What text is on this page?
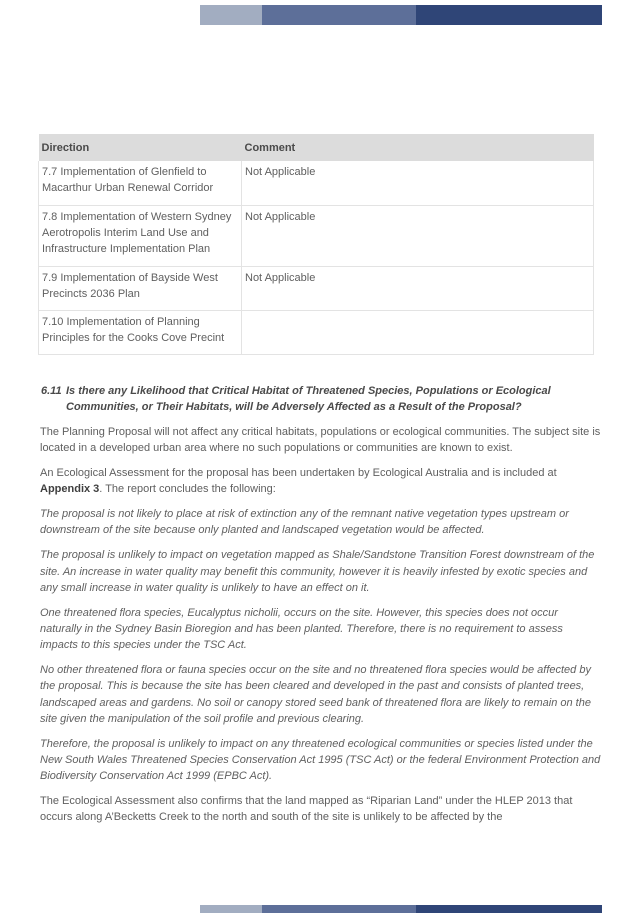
Direction	Comment
7.7 Implementation of Glenfield to Macarthur Urban Renewal Corridor	Not Applicable
7.8 Implementation of Western Sydney Aerotropolis Interim Land Use and Infrastructure Implementation Plan	Not Applicable
7.9 Implementation of Bayside West Precincts 2036 Plan	Not Applicable
7.10 Implementation of Planning Principles for the Cooks Cove Precint	
6.11 Is there any Likelihood that Critical Habitat of Threatened Species, Populations or Ecological
Communities, or Their Habitats, will be Adversely Affected as a Result of the Proposal?

The Planning Proposal will not affect any critical habitats, populations or ecological communities. The subject site is located in a developed urban area where no such populations or communities are known to exist.

An Ecological Assessment for the proposal has been undertaken by Ecological Australia and is included at Appendix 3. The report concludes the following:

The proposal is not likely to place at risk of extinction any of the remnant native vegetation types upstream or downstream of the site because only planted and landscaped vegetation would be affected.

The proposal is unlikely to impact on vegetation mapped as Shale/Sandstone Transition Forest downstream of the site. An increase in water quality may benefit this community, however it is heavily infested by exotic species and any small increase in water quality is unlikely to have an effect on it.

One threatened flora species, Eucalyptus nicholii, occurs on the site. However, this species does not occur naturally in the Sydney Basin Bioregion and has been planted. Therefore, there is no requirement to assess impacts to this species under the TSC Act.

No other threatened flora or fauna species occur on the site and no threatened flora species would be affected by the proposal. This is because the site has been cleared and developed in the past and consists of planted trees, landscaped areas and gardens. No soil or canopy stored seed bank of threatened flora are likely to remain on the site given the manipulation of the soil profile and previous clearing.

Therefore, the proposal is unlikely to impact on any threatened ecological communities or species listed under the New South Wales Threatened Species Conservation Act 1995 (TSC Act) or the federal Environment Protection and Biodiversity Conservation Act 1999 (EPBC Act).

The Ecological Assessment also confirms that the land mapped as “Riparian Land” under the HLEP 2013 that occurs along A’Becketts Creek to the north and south of the site is unlikely to be affected by the
